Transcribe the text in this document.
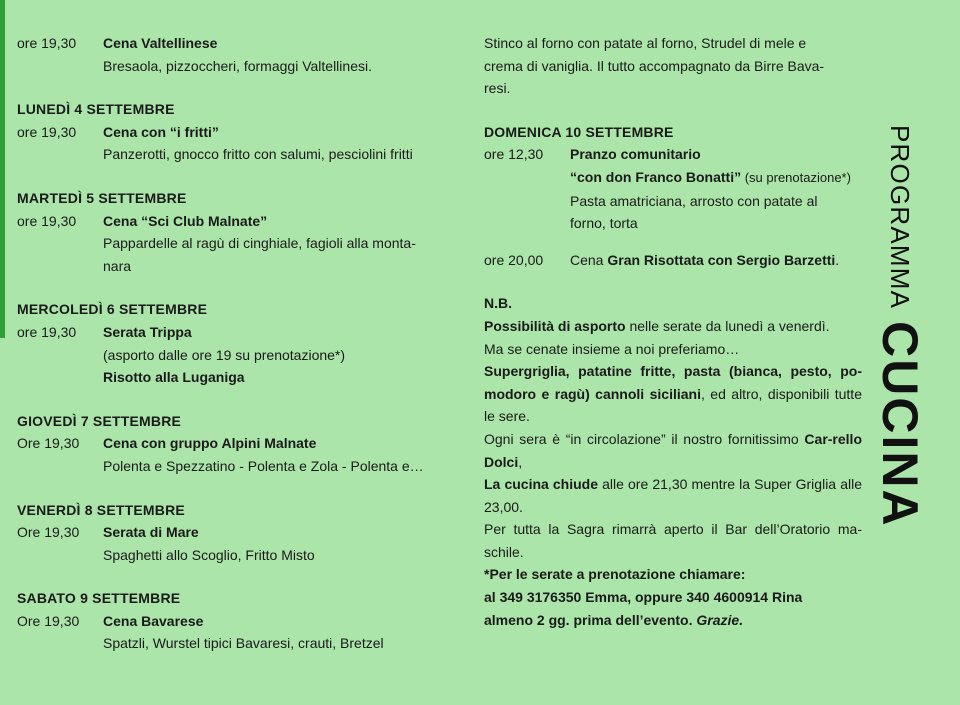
ore 19,30	Cena Valtellinese
Bresaola, pizzoccheri, formaggi Valtellinesi.
LUNEDÌ 4 SETTEMBRE
ore 19,30	Cena con “i fritti”
Panzerotti, gnocco fritto con salumi, pesciolini fritti
MARTEDÌ 5 SETTEMBRE
ore 19,30	Cena “Sci Club Malnate”
Pappardelle al ragù di cinghiale, fagioli alla monta-
nara
MERCOLEDÌ 6 SETTEMBRE
ore 19,30	Serata Trippa
(asporto dalle ore 19 su prenotazione*)
Risotto alla Luganiga
GIOVEDÌ 7 SETTEMBRE
Ore 19,30	Cena con gruppo Alpini Malnate
Polenta e Spezzatino - Polenta e Zola - Polenta e…
VENERDÌ 8 SETTEMBRE
Ore 19,30	Serata di Mare
Spaghetti allo Scoglio, Fritto Misto
SABATO 9 SETTEMBRE
Ore 19,30	Cena Bavarese
Spatzli, Wurstel tipici Bavaresi, crauti, Bretzel
Stinco al forno con patate al forno, Strudel di mele e
crema di vaniglia. Il tutto accompagnato da Birre Bava-
resi.
DOMENICA 10 SETTEMBRE
ore 12,30	Pranzo comunitario
“con don Franco Bonatti” (su prenotazione*)
Pasta amatriciana, arrosto con patate al
forno, torta
ore 20,00	Cena Gran Risottata con Sergio Barzetti.
N.B.
Possibilità di asporto nelle serate da lunedì a venerdì.
Ma se cenate insieme a noi preferiamo…
Supergriglia, patatine fritte, pasta (bianca, pesto, po-modoro e ragù) cannoli siciliani, ed altro, disponibili tutte le sere.
Ogni sera è “in circolazione” il nostro fornitissimo Car-rello Dolci,
La cucina chiude alle ore 21,30 mentre la Super Griglia alle 23,00.
Per tutta la Sagra rimarrà aperto il Bar dell’Oratorio ma-schile.
*Per le serate a prenotazione chiamare:
al 349 3176350 Emma, oppure 340 4600914 Rina
almeno 2 gg. prima dell’evento. Grazie.
PROGRAMMA
CUCINA
